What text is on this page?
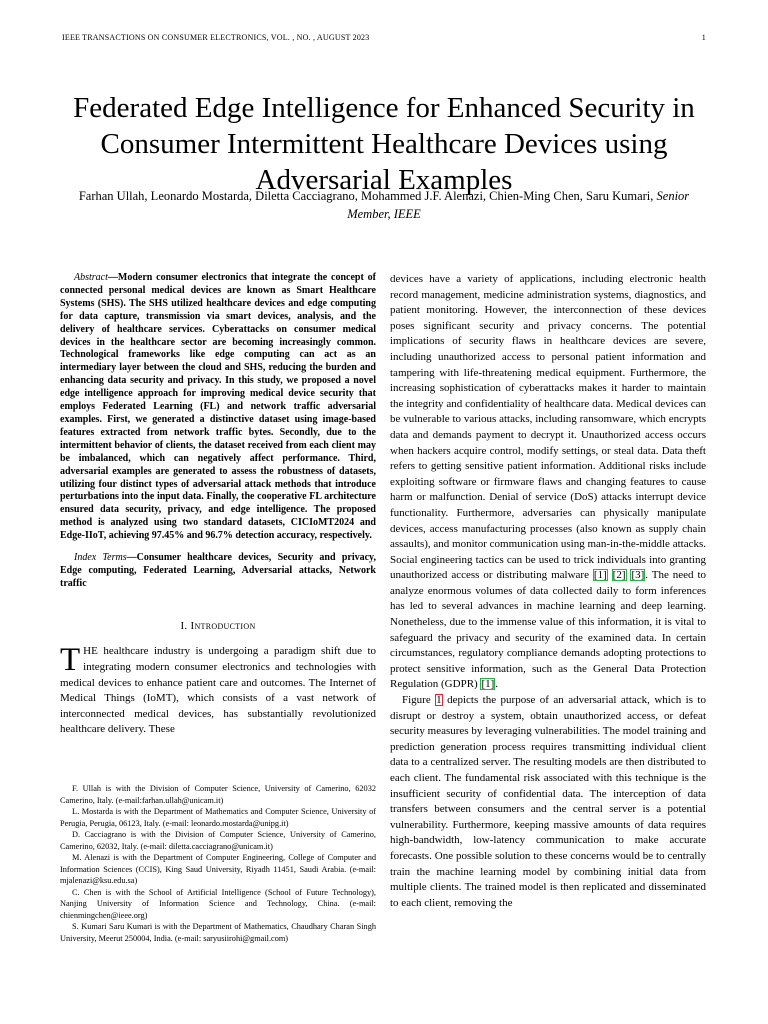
IEEE TRANSACTIONS ON CONSUMER ELECTRONICS, VOL. , NO. , AUGUST 2023	1
Federated Edge Intelligence for Enhanced Security in Consumer Intermittent Healthcare Devices using Adversarial Examples
Farhan Ullah, Leonardo Mostarda, Diletta Cacciagrano, Mohammed J.F. Alenazi, Chien-Ming Chen, Saru Kumari, Senior Member, IEEE

Abstract—Modern consumer electronics that integrate the concept of connected personal medical devices are known as Smart Healthcare Systems (SHS). The SHS utilized healthcare devices and edge computing for data capture, transmission via smart devices, analysis, and the delivery of healthcare services. Cyberattacks on consumer medical devices in the healthcare sector are becoming increasingly common. Technological frameworks like edge computing can act as an intermediary layer between the cloud and SHS, reducing the burden and enhancing data security and privacy. In this study, we proposed a novel edge intelligence approach for improving medical device security that employs Federated Learning (FL) and network traffic adversarial examples. First, we generated a distinctive dataset using image-based features extracted from network traffic bytes. Secondly, due to the intermittent behavior of clients, the dataset received from each client may be imbalanced, which can negatively affect performance. Third, adversarial examples are generated to assess the robustness of datasets, utilizing four distinct types of adversarial attack methods that introduce perturbations into the input data. Finally, the cooperative FL architecture ensured data security, privacy, and edge intelligence. The proposed method is analyzed using two standard datasets, CICIoMT2024 and Edge-IIoT, achieving 97.45% and 96.7% detection accuracy, respectively.

Index Terms—Consumer healthcare devices, Security and privacy, Edge computing, Federated Learning, Adversarial attacks, Network traffic

I. Introduction

THE healthcare industry is undergoing a paradigm shift due to integrating modern consumer electronics and technologies with medical devices to enhance patient care and outcomes. The Internet of Medical Things (IoMT), which consists of a vast network of interconnected medical devices, has substantially revolutionized healthcare delivery. These

F. Ullah is with the Division of Computer Science, University of Camerino, 62032 Camerino, Italy. (e-mail:farhan.ullah@unicam.it)

L. Mostarda is with the Department of Mathematics and Computer Science, University of Perugia, Perugia, 06123, Italy. (e-mail: leonardo.mostarda@unipg.it)

D. Cacciagrano is with the Division of Computer Science, University of Camerino, Camerino, 62032, Italy. (e-mail: diletta.cacciagrano@unicam.it)

M. Alenazi is with the Department of Computer Engineering, College of Computer and Information Sciences (CCIS), King Saud University, Riyadh 11451, Saudi Arabia. (e-mail: mjalenazi@ksu.edu.sa)

C. Chen is with the School of Artificial Intelligence (School of Future Technology), Nanjing University of Information Science and Technology, China. (e-mail: chienmingchen@ieee.org)

S. Kumari Saru Kumari is with the Department of Mathematics, Chaudhary Charan Singh University, Meerut 250004, India. (e-mail: saryusiirohi@gmail.com)

devices have a variety of applications, including electronic health record management, medicine administration systems, diagnostics, and patient monitoring. However, the interconnection of these devices poses significant security and privacy concerns. The potential implications of security flaws in healthcare devices are severe, including unauthorized access to personal patient information and tampering with life-threatening medical equipment. Furthermore, the increasing sophistication of cyberattacks makes it harder to maintain the integrity and confidentiality of healthcare data. Medical devices can be vulnerable to various attacks, including ransomware, which encrypts data and demands payment to decrypt it. Unauthorized access occurs when hackers acquire control, modify settings, or steal data. Data theft refers to getting sensitive patient information. Additional risks include exploiting software or firmware flaws and changing features to cause harm or malfunction. Denial of service (DoS) attacks interrupt device functionality. Furthermore, adversaries can physically manipulate devices, access manufacturing processes (also known as supply chain assaults), and monitor communication using man-in-the-middle attacks. Social engineering tactics can be used to trick individuals into granting unauthorized access or distributing malware [1] [2] [3]. The need to analyze enormous volumes of data collected daily to form inferences has led to several advances in machine learning and deep learning. Nonetheless, due to the immense value of this information, it is vital to safeguard the privacy and security of the examined data. In certain circumstances, regulatory compliance demands adopting protections to protect sensitive information, such as the General Data Protection Regulation (GDPR) [1].

Figure 1 depicts the purpose of an adversarial attack, which is to disrupt or destroy a system, obtain unauthorized access, or defeat security measures by leveraging vulnerabilities. The model training and prediction generation process requires transmitting individual client data to a centralized server. The resulting models are then distributed to each client. The fundamental risk associated with this technique is the insufficient security of confidential data. The interception of data transfers between consumers and the central server is a potential vulnerability. Furthermore, keeping massive amounts of data requires high-bandwidth, low-latency communication to make accurate forecasts. One possible solution to these concerns would be to centrally train the machine learning model by combining initial data from multiple clients. The trained model is then replicated and disseminated to each client, removing the
